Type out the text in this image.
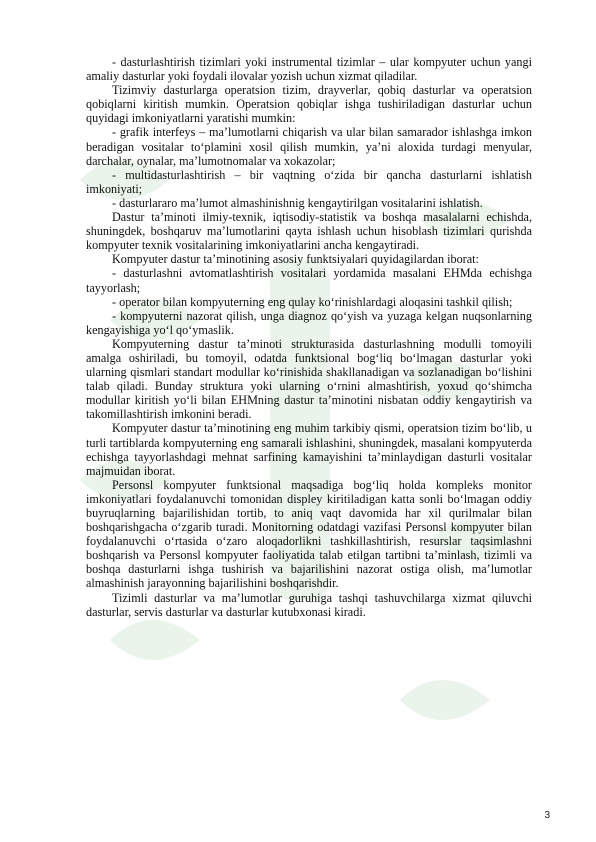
- dasturlashtirish tizimlari yoki instrumental tizimlar – ular kompyuter uchun yangi amaliy dasturlar yoki foydali ilovalar yozish uchun xizmat qiladilar.

Tizimviy dasturlarga operatsion tizim, drayverlar, qobiq dasturlar va operatsion qobiqlarni kiritish mumkin. Operatsion qobiqlar ishga tushiriladigan dasturlar uchun quyidagi imkoniyatlarni yaratishi mumkin:

- grafik interfeys – ma’lumotlarni chiqarish va ular bilan samarador ishlashga imkon beradigan vositalar to‘plamini xosil qilish mumkin, ya’ni aloxida turdagi menyular, darchalar, oynalar, ma’lumotnomalar va xokazolar;

- multidasturlashtirish – bir vaqtning o‘zida bir qancha dasturlarni ishlatish imkoniyati;

- dasturlararo ma’lumot almashinishnig kengaytirilgan vositalarini ishlatish.

Dastur ta’minoti ilmiy-texnik, iqtisodiy-statistik va boshqa masalalarni echishda, shuningdek, boshqaruv ma’lumotlarini qayta ishlash uchun hisoblash tizimlari qurishda kompyuter texnik vositalarining imkoniyatlarini ancha kengaytiradi.

Kompyuter dastur ta’minotining asosiy funktsiyalari quyidagilardan iborat:

- dasturlashni avtomatlashtirish vositalari yordamida masalani EHMda echishga tayyorlash;

- operator bilan kompyuterning eng qulay ko‘rinishlardagi aloqasini tashkil qilish;

- kompyuterni nazorat qilish, unga diagnoz qo‘yish va yuzaga kelgan nuqsonlarning kengayishiga yo‘l qo‘ymaslik.

Kompyuterning dastur ta’minoti strukturasida dasturlashning modulli tomoyili amalga oshiriladi, bu tomoyil, odatda funktsional bog‘liq bo‘lmagan dasturlar yoki ularning qismlari standart modullar ko‘rinishida shakllanadigan va sozlanadigan bo‘lishini talab qiladi. Bunday struktura yoki ularning o‘rnini almashtirish, yoxud qo‘shimcha modullar kiritish yo‘li bilan EHMning dastur ta’minotini nisbatan oddiy kengaytirish va takomillashtirish imkonini beradi.

Kompyuter dastur ta’minotining eng muhim tarkibiy qismi, operatsion tizim bo‘lib, u turli tartiblarda kompyuterning eng samarali ishlashini, shuningdek, masalani kompyuterda echishga tayyorlashdagi mehnat sarfining kamayishini ta’minlaydigan dasturli vositalar majmuidan iborat.

Personsl kompyuter funktsional maqsadiga bog‘liq holda kompleks monitor imkoniyatlari foydalanuvchi tomonidan displey kiritiladigan katta sonli bo‘lmagan oddiy buyruqlarning bajarilishidan tortib, to aniq vaqt davomida har xil qurilmalar bilan boshqarishgacha o‘zgarib turadi. Monitorning odatdagi vazifasi Personsl kompyuter bilan foydalanuvchi o‘rtasida o‘zaro aloqadorlikni tashkillashtirish, resurslar taqsimlashni boshqarish va Personsl kompyuter faoliyatida talab etilgan tartibni ta’minlash, tizimli va boshqa dasturlarni ishga tushirish va bajarilishini nazorat ostiga olish, ma’lumotlar almashinish jarayonning bajarilishini boshqarishdir.

Tizimli dasturlar va ma’lumotlar guruhiga tashqi tashuvchilarga xizmat qiluvchi dasturlar, servis dasturlar va dasturlar kutubxonasi kiradi.

3
